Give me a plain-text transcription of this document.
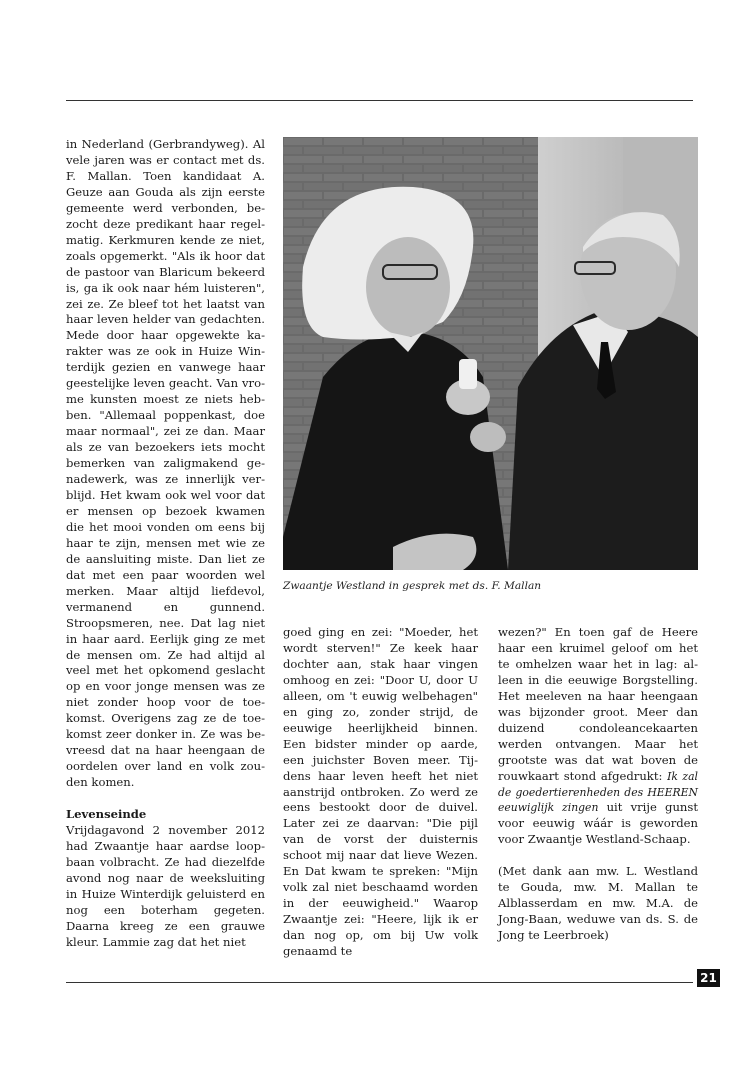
in Nederland (Gerbrandyweg). Al vele jaren was er contact met ds. F. Mallan. Toen kandidaat A. Geuze aan Gouda als zijn eerste gemeente werd verbonden, bezocht deze predikant haar regelmatig. Kerkmuren kende ze niet, zoals opgemerkt. "Als ik hoor dat de pastoor van Blaricum bekeerd is, ga ik ook naar hém luisteren", zei ze. Ze bleef tot het laatst van haar leven helder van gedachten. Mede door haar opgewekte karakter was ze ook in Huize Winterdijk gezien en vanwege haar geestelijke leven geacht. Van vrome kunsten moest ze niets hebben. "Allemaal poppenkast, doe maar normaal", zei ze dan. Maar als ze van bezoekers iets mocht bemerken van zaligmakend genadewerk, was ze innerlijk verblijd. Het kwam ook wel voor dat er mensen op bezoek kwamen die het mooi vonden om eens bij haar te zijn, mensen met wie ze de aansluiting miste. Dan liet ze dat met een paar woorden wel merken. Maar altijd liefdevol, vermanend en gunnend. Stroopsmeren, nee. Dat lag niet in haar aard. Eerlijk ging ze met de mensen om. Ze had altijd al veel met het opkomend geslacht op en voor jonge mensen was ze niet zonder hoop voor de toekomst. Overigens zag ze de toekomst zeer donker in. Ze was bevreesd dat na haar heengaan de oordelen over land en volk zouden komen.

Levenseinde

Vrijdagavond 2 november 2012 had Zwaantje haar aardse loopbaan volbracht. Ze had diezelfde avond nog naar de weeksluiting in Huize Winterdijk geluisterd en nog een boterham gegeten. Daarna kreeg ze een grauwe kleur. Lammie zag dat het niet

Zwaantje Westland in gesprek met ds. F. Mallan

goed ging en zei: "Moeder, het wordt sterven!" Ze keek haar dochter aan, stak haar vingen omhoog en zei: "Door U, door U alleen, om 't euwig welbehagen" en ging zo, zonder strijd, de eeuwige heerlijkheid binnen. Een bidster minder op aarde, een juichster Boven meer. Tijdens haar leven heeft het niet aanstrijd ontbroken. Zo werd ze eens bestookt door de duivel. Later zei ze daarvan: "Die pijl van de vorst der duisternis schoot mij naar dat lieve Wezen. En Dat kwam te spreken: "Mijn volk zal niet beschaamd worden in der eeuwigheid." Waarop Zwaantje zei: "Heere, lijk ik er dan nog op, om bij Uw volk genaamd te

wezen?" En toen gaf de Heere haar een kruimel geloof om het te omhelzen waar het in lag: alleen in die eeuwige Borgstelling. Het meeleven na haar heengaan was bijzonder groot. Meer dan duizend condoleancekaarten werden ontvangen. Maar het grootste was dat wat boven de rouwkaart stond afgedrukt: Ik zal de goedertierenheden des HEEREN eeuwiglijk zingen uit vrije gunst voor eeuwig wáár is geworden voor Zwaantje Westland-Schaap.

(Met dank aan mw. L. Westland te Gouda, mw. M. Mallan te Alblasserdam en mw. M.A. de Jong-Baan, weduwe van ds. S. de Jong te Leerbroek)

21
